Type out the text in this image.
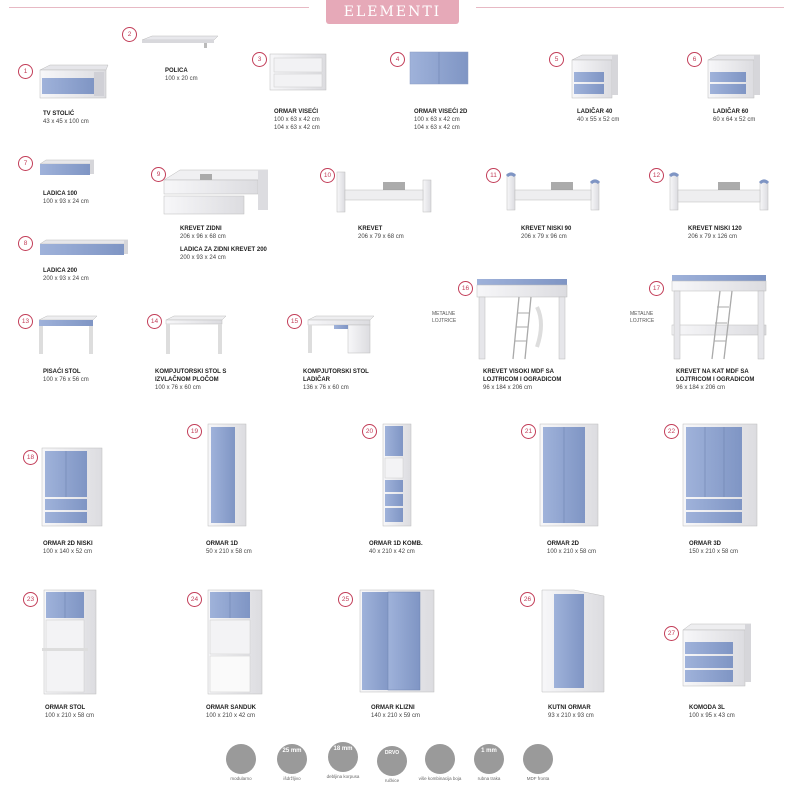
ELEMENTI
1
TV STOLIĆ
43 x 45 x 100 cm
2
POLICA
100 x 20 cm
3
ORMAR VISEĆI
100 x 63 x 42 cm
104 x 63 x 42 cm
4
ORMAR VISEĆI 2D
100 x 63 x 42 cm
104 x 63 x 42 cm
5
LADIČAR 40
40 x 55 x 52 cm
6
LADIČAR 60
60 x 64 x 52 cm
7
LADICA 100
100 x 93 x 24 cm
8
LADICA 200
200 x 93 x 24 cm
9
KREVET ZIDNI
206 x 96 x 68 cm
LADICA ZA ZIDNI KREVET 200
200 x 93 x 24 cm
10
KREVET
206 x 79 x 68 cm
11
KREVET NISKI 90
206 x 79 x 96 cm
12
KREVET NISKI 120
206 x 79 x 126 cm
13
PISAĆI STOL
100 x 76 x 56 cm
14
KOMPJUTORSKI STOL S
IZVLAČNOM PLOČOM
100 x 76 x 60 cm
15
KOMPJUTORSKI STOL
LADIČAR
136 x 76 x 60 cm
METALNE
LOJTRICE
16
KREVET VISOKI MDF SA
LOJTRICOM I OGRADICOM
96 x 184 x 206 cm
METALNE
LOJTRICE
17
KREVET NA KAT MDF SA
LOJTRICOM I OGRADICOM
96 x 184 x 206 cm
18
ORMAR 2D NISKI
100 x 140 x 52 cm
19
ORMAR 1D
50 x 210 x 58 cm
20
ORMAR 1D KOMB.
40 x 210 x 42 cm
21
ORMAR 2D
100 x 210 x 58 cm
22
ORMAR 3D
150 x 210 x 58 cm
23
ORMAR STOL
100 x 210 x 58 cm
24
ORMAR SANDUK
100 x 210 x 42 cm
25
ORMAR KLIZNI
140 x 210 x 59 cm
26
KUTNI ORMAR
93 x 210 x 93 cm
27
KOMODA 3L
100 x 95 x 43 cm
modularno
25 mm
išdržljivo
18 mm
debljina korpusa
DRVO
ručkice	više kombinacija boja
1 mm
rubna traka	MDF fronta
